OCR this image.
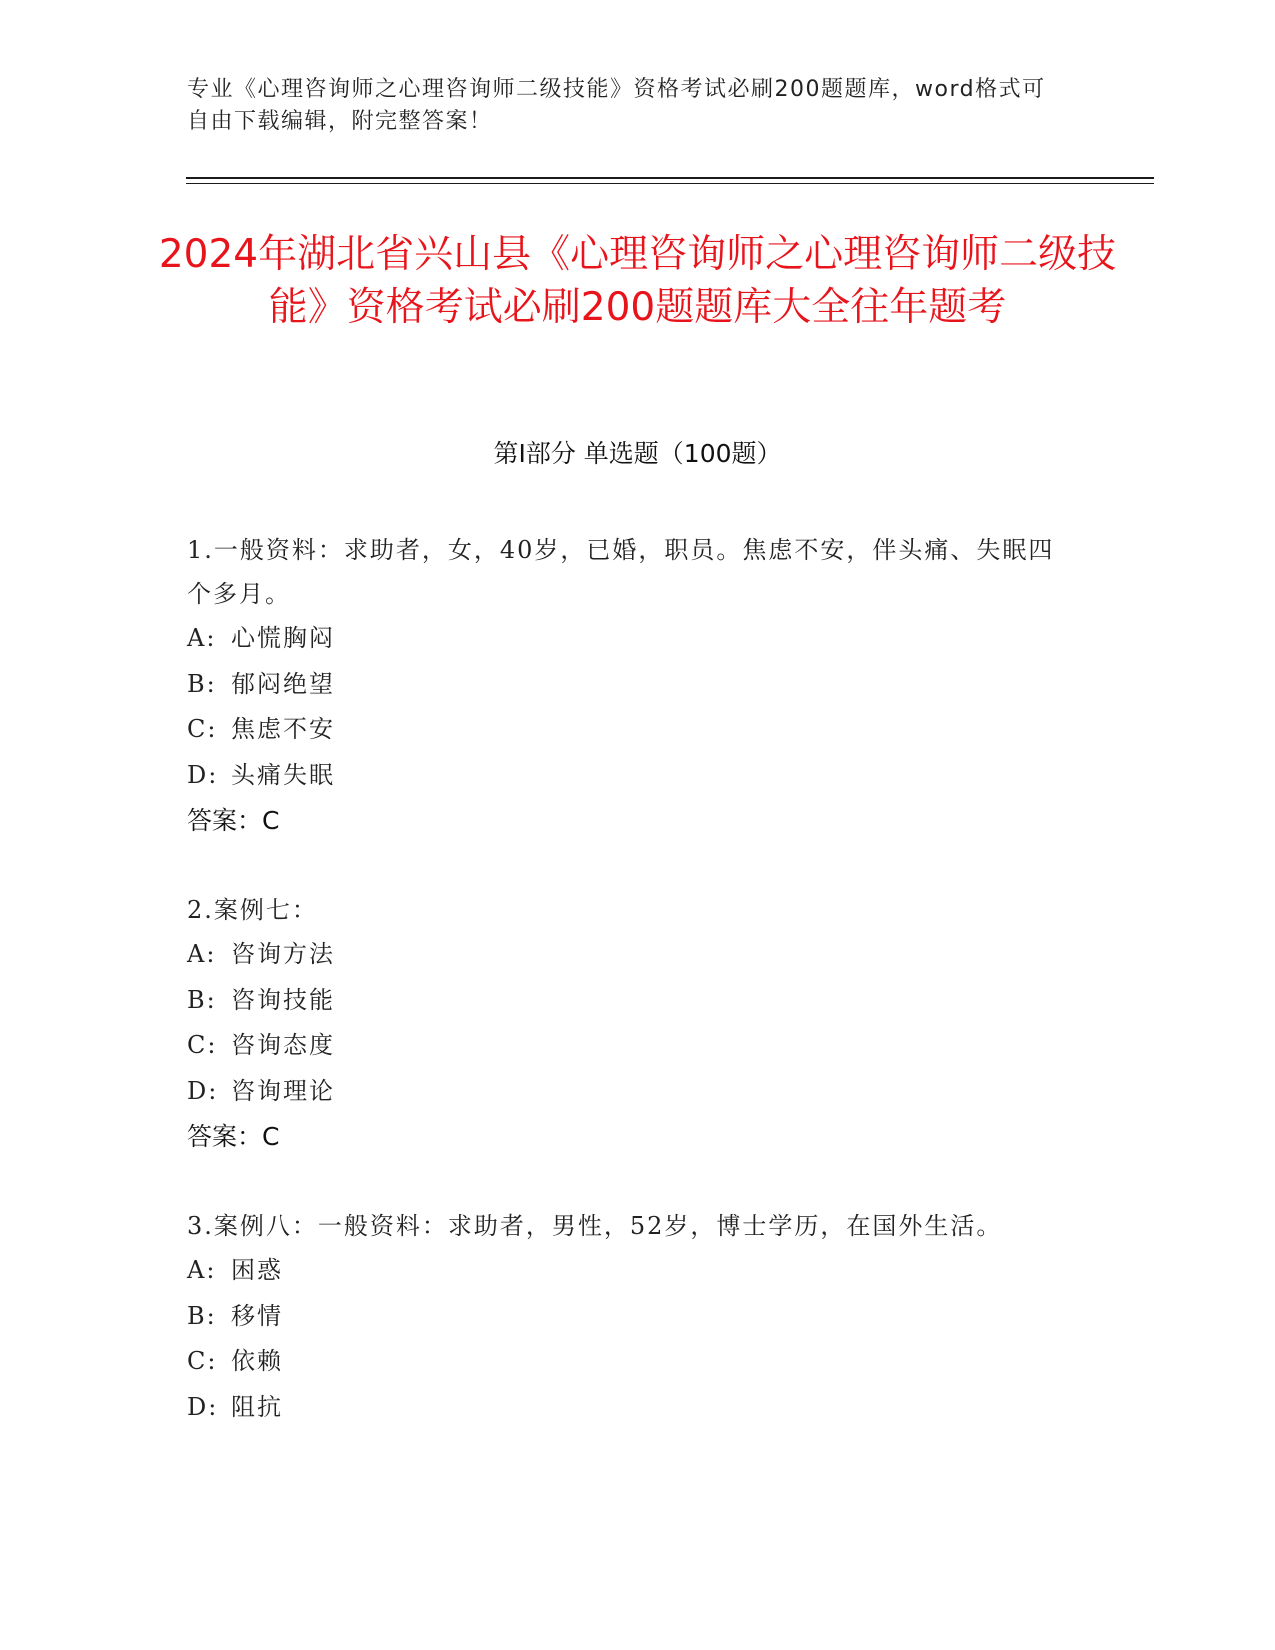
专业《心理咨询师之心理咨询师二级技能》资格考试必刷200题题库，word格式可自由下载编辑，附完整答案！
2024年湖北省兴山县《心理咨询师之心理咨询师二级技能》资格考试必刷200题题库大全往年题考
第Ⅰ部分 单选题（100题）
1.一般资料：求助者，女，40岁，已婚，职员。焦虑不安，伴头痛、失眠四个多月。
A: 心慌胸闷
B: 郁闷绝望
C: 焦虑不安
D: 头痛失眠
答案：C
2.案例七：
A: 咨询方法
B: 咨询技能
C: 咨询态度
D: 咨询理论
答案：C
3.案例八：一般资料：求助者，男性，52岁，博士学历，在国外生活。
A: 困惑
B: 移情
C: 依赖
D: 阻抗
